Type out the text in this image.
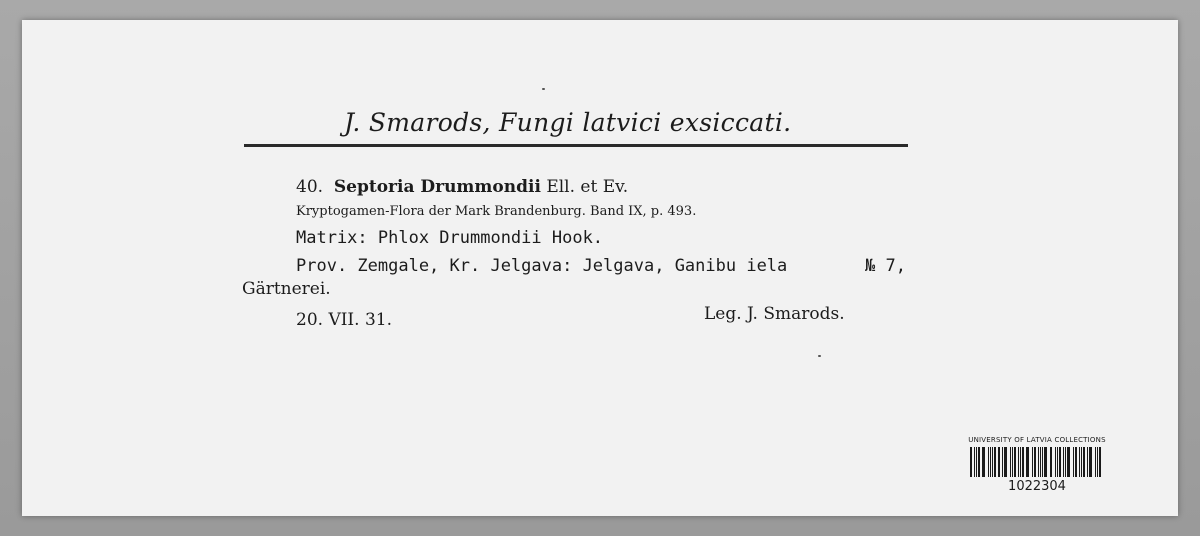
J. Smarods, Fungi latvici exsiccati.
40. Septoria Drummondii Ell. et Ev.
Kryptogamen-Flora der Mark Brandenburg. Band IX, p. 493.
Matrix: Phlox Drummondii Hook.
Prov. Zemgale, Kr. Jelgava: Jelgava, Ganibu iela	№ 7,
Gärtnerei.
20. VII. 31.	Leg. J. Smarods.
UNIVERSITY OF LATVIA COLLECTIONS
1022304
